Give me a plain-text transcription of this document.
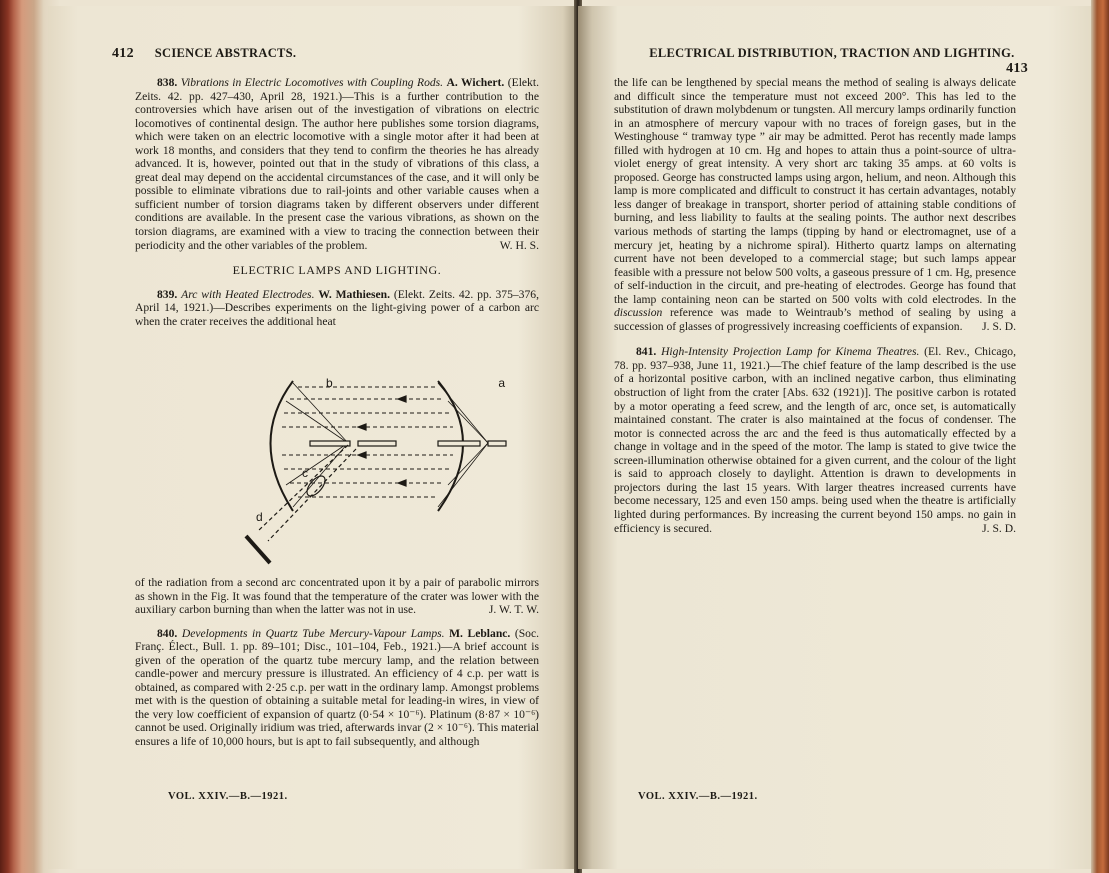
412 SCIENCE ABSTRACTS.

838. Vibrations in Electric Locomotives with Coupling Rods. A. Wichert. (Elekt. Zeits. 42. pp. 427–430, April 28, 1921.)—This is a further contribution to the controversies which have arisen out of the investigation of vibrations on electric locomotives of continental design. The author here publishes some torsion diagrams, which were taken on an electric locomotive with a single motor after it had been at work 18 months, and considers that they tend to confirm the theories he has already advanced. It is, however, pointed out that in the study of vibrations of this class, a great deal may depend on the accidental circumstances of the case, and it will only be possible to eliminate vibrations due to rail-joints and other variable causes when a sufficient number of torsion diagrams taken by different observers under different conditions are available. In the present case the various vibrations, as shown on the torsion diagrams, are examined with a view to tracing the connection between their periodicity and the other variables of the problem.	W. H. S.

ELECTRIC LAMPS AND LIGHTING.

839. Arc with Heated Electrodes. W. Mathiesen. (Elekt. Zeits. 42. pp. 375–376, April 14, 1921.)—Describes experiments on the light-giving power of a carbon arc when the crater receives the additional heat

b	a
c
d

of the radiation from a second arc concentrated upon it by a pair of parabolic mirrors as shown in the Fig. It was found that the temperature of the crater was lower with the auxiliary carbon burning than when the latter was not in use.	J. W. T. W.

840. Developments in Quartz Tube Mercury-Vapour Lamps. M. Leblanc. (Soc. Franç. Élect., Bull. 1. pp. 89–101; Disc., 101–104, Feb., 1921.)—A brief account is given of the operation of the quartz tube mercury lamp, and the relation between candle-power and mercury pressure is illustrated. An efficiency of 4 c.p. per watt is obtained, as compared with 2·25 c.p. per watt in the ordinary lamp. Amongst problems met with is the question of obtaining a suitable metal for leading-in wires, in view of the very low coefficient of expansion of quartz (0·54 × 10⁻⁶). Platinum (8·87 × 10⁻⁶) cannot be used. Originally iridium was tried, afterwards invar (2 × 10⁻⁶). This material ensures a life of 10,000 hours, but is apt to fail subsequently, and although

VOL. XXIV.—B.—1921.
ELECTRICAL DISTRIBUTION, TRACTION AND LIGHTING.  413

the life can be lengthened by special means the method of sealing is always delicate and difficult since the temperature must not exceed 200°. This has led to the substitution of drawn molybdenum or tungsten. All mercury lamps ordinarily function in an atmosphere of mercury vapour with no traces of foreign gases, but in the Westinghouse “ tramway type ” air may be admitted. Perot has recently made lamps filled with hydrogen at 10 cm. Hg and hopes to attain thus a point-source of ultra-violet energy of great intensity. A very short arc taking 35 amps. at 60 volts is proposed. George has constructed lamps using argon, helium, and neon. Although this lamp is more complicated and difficult to construct it has certain advantages, notably less danger of breakage in transport, shorter period of attaining stable conditions of burning, and less liability to faults at the sealing points. The author next describes various methods of starting the lamps (tipping by hand or electromagnet, use of a mercury jet, heating by a nichrome spiral). Hitherto quartz lamps on alternating current have not been developed to a commercial stage; but such lamps appear feasible with a pressure not below 500 volts, a gaseous pressure of 1 cm. Hg, presence of self-induction in the circuit, and pre-heating of electrodes. George has found that the lamp containing neon can be started on 500 volts with cold electrodes. In the discussion reference was made to Weintraub’s method of sealing by using a succession of glasses of progressively increasing coefficients of expansion. J. S. D.

841. High-Intensity Projection Lamp for Kinema Theatres. (El. Rev., Chicago, 78. pp. 937–938, June 11, 1921.)—The chief feature of the lamp described is the use of a horizontal positive carbon, with an inclined negative carbon, thus eliminating obstruction of light from the crater [Abs. 632 (1921)]. The positive carbon is rotated by a motor operating a feed screw, and the length of arc, once set, is automatically maintained constant. The crater is also maintained at the focus of condenser. The motor is connected across the arc and the feed is thus automatically effected by a change in voltage and in the speed of the motor. The lamp is stated to give twice the screen-illumination otherwise obtained for a given current, and the colour of the light is said to approach closely to daylight. Attention is drawn to developments in projectors during the last 15 years. With larger theatres increased currents have become necessary, 125 and even 150 amps. being used when the theatre is artificially lighted during performances. By increasing the current beyond 150 amps. no gain in efficiency is secured.	J. S. D.

VOL. XXIV.—B.—1921.
